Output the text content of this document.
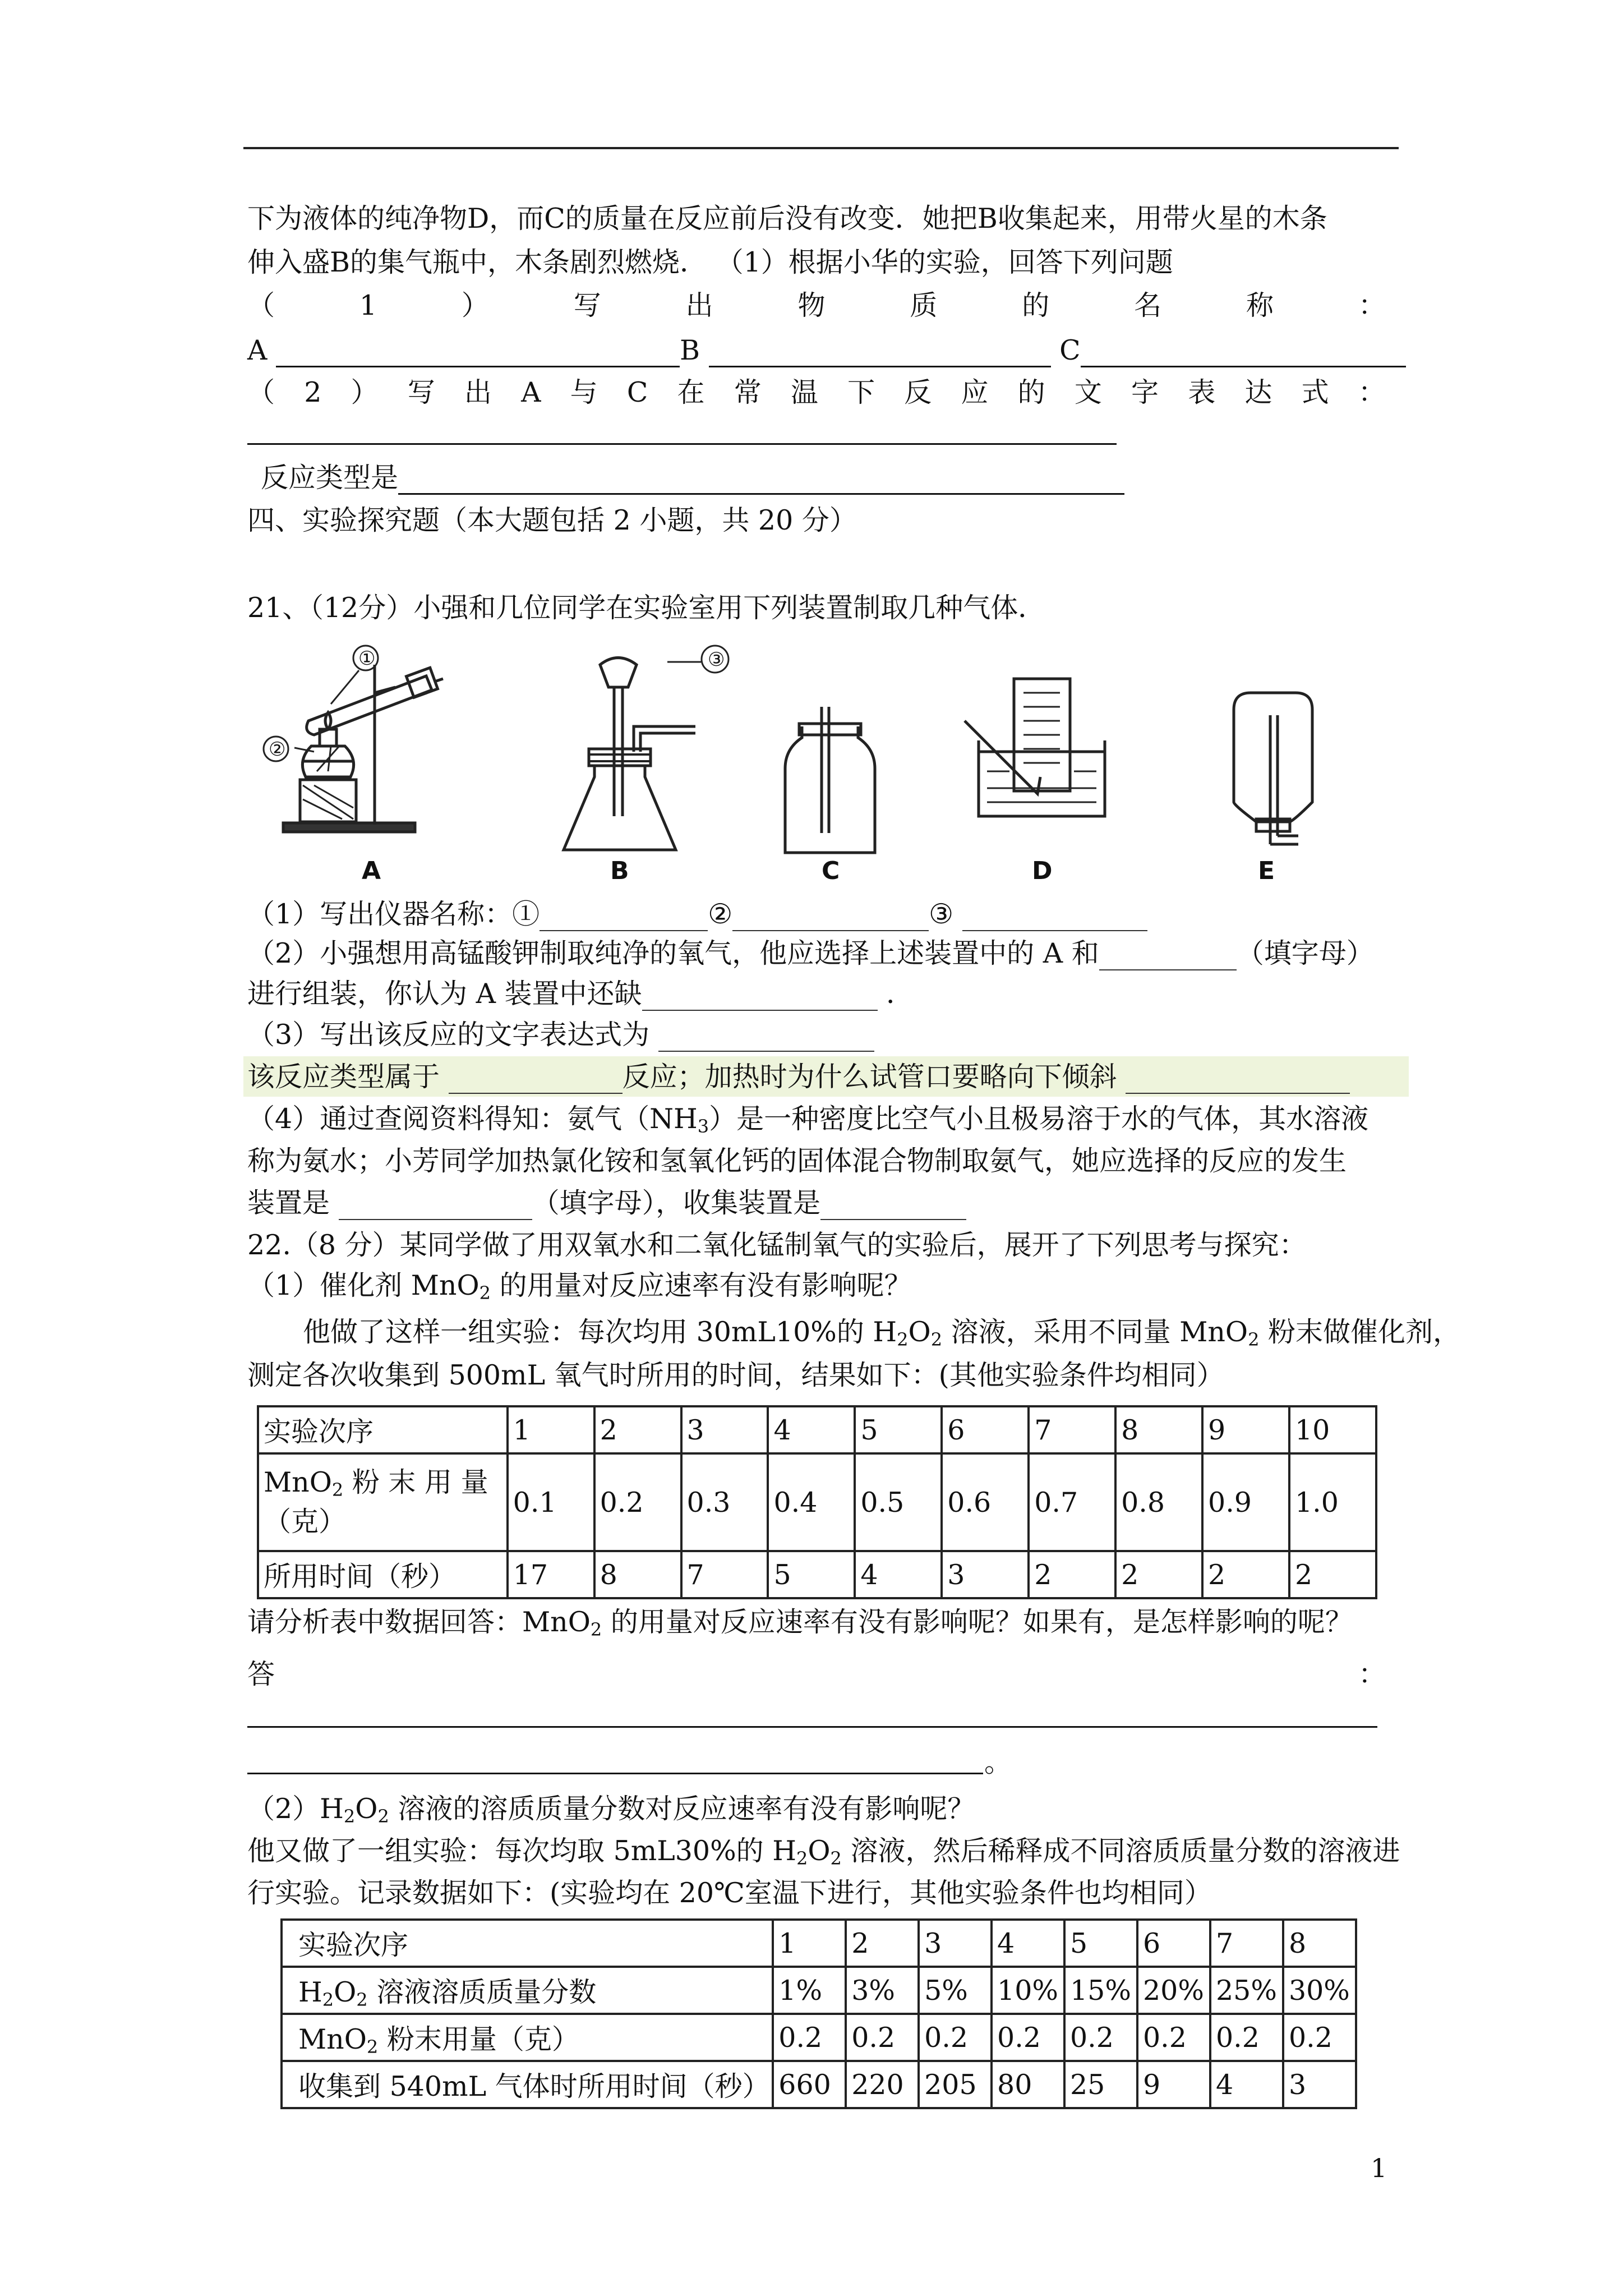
下为液体的纯净物D，而C的质量在反应前后没有改变．她把B收集起来，用带火星的木条
伸入盛B的集气瓶中，木条剧烈燃烧． （1）根据小华的实验，回答下列问题
（	1	）	写	出	物	质	的	名	称	：
A	B	C
（ 2 ） 写 出 A 与 C 在 常 温 下 反 应 的 文 字 表 达 式 ：
反应类型是
四、实验探究题（本大题包括 2 小题，共 20 分）
21、（12分）小强和几位同学在实验室用下列装置制取几种气体．
①
②
③
A	B	C	D	E
（1）写出仪器名称：①	②	③
（2）小强想用高锰酸钾制取纯净的氧气，他应选择上述装置中的 A 和	（填字母）
进行组装，你认为 A 装置中还缺	．
（3）写出该反应的文字表达式为
该反应类型属于	反应；加热时为什么试管口要略向下倾斜
（4）通过查阅资料得知：氨气$(NH_3)$是一种密度比空气小且极易溶于水的气体，其水溶液
称为氨水；小芳同学加热氯化铵和氢氧化钙的固体混合物制取氨气，她应选择的反应的发生
装置是	（填字母），收集装置是
22.（8 分）某同学做了用双氧水和二氧化锰制氧气的实验后，展开了下列思考与探究：
（1）催化剂 MnO$_2$ 的用量对反应速率有没有影响呢？
他做了这样一组实验：每次均用 30mL10%的 $H_2O_2$ 溶液，采用不同量 MnO$_2$ 粉末做催化剂，
测定各次收集到 500mL 氧气时所用的时间，结果如下：(其他实验条件均相同）
实验次序	1	2	3	4	5	6	7	8	9	10
MnO$_2$ 粉 末 用 量
（克）	0.1	0.2	0.3	0.4	0.5	0.6	0.7	0.8	0.9	1.0
所用时间（秒）	17	8	7	5	4	3	2	2	2	2
请分析表中数据回答：MnO$_2$ 的用量对反应速率有没有影响呢？如果有，是怎样影响的呢？
答	：
。
$(2)H_2O_2$ 溶液的溶质质量分数对反应速率有没有影响呢？
他又做了一组实验：每次均取 5mL30%的 $H_2O_2$ 溶液，然后稀释成不同溶质质量分数的溶液进
行实验。记录数据如下：(实验均在 20℃室温下进行，其他实验条件也均相同）
实验次序	1	2	3	4	5	6	7	8
$H_2O_2$ 溶液溶质质量分数	1%	3%	5%	10%	15%	20%	25%	30%
MnO$_2$ 粉末用量（克）	0.2	0.2	0.2	0.2	0.2	0.2	0.2	0.2
收集到 540mL 气体时所用时间（秒）	660	220	205	80	25	9	4	3
1
